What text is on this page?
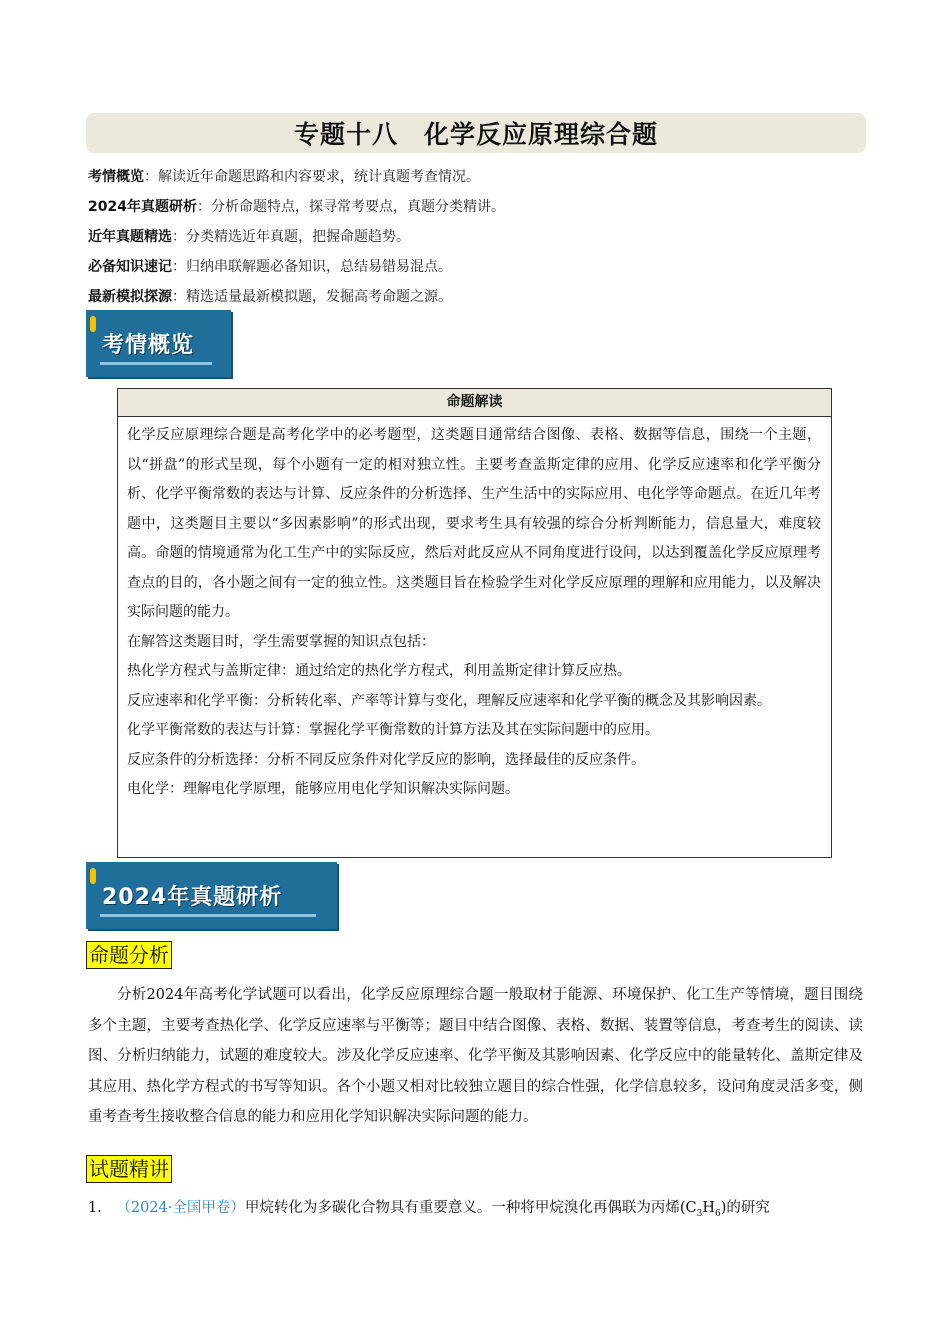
专题十八　化学反应原理综合题
考情概览：解读近年命题思路和内容要求，统计真题考查情况。
2024年真题研析：分析命题特点，探寻常考要点，真题分类精讲。
近年真题精选：分类精选近年真题，把握命题趋势。
必备知识速记：归纳串联解题必备知识，总结易错易混点。
最新模拟探源：精选适量最新模拟题，发掘高考命题之源。
考情概览
命题解读

化学反应原理综合题是高考化学中的必考题型，这类题目通常结合图像、表格、数据等信息，围绕一个主题，以“拼盘”的形式呈现，每个小题有一定的相对独立性。主要考查盖斯定律的应用、化学反应速率和化学平衡分析、化学平衡常数的表达与计算、反应条件的分析选择、生产生活中的实际应用、电化学等命题点。在近几年考题中，这类题目主要以“多因素影响”的形式出现，要求考生具有较强的综合分析判断能力，信息量大，难度较高。命题的情境通常为化工生产中的实际反应，然后对此反应从不同角度进行设问，以达到覆盖化学反应原理考查点的目的，各小题之间有一定的独立性。这类题目旨在检验学生对化学反应原理的理解和应用能力，以及解决实际问题的能力。

在解答这类题目时，学生需要掌握的知识点包括：

热化学方程式与盖斯定律：通过给定的热化学方程式，利用盖斯定律计算反应热。

反应速率和化学平衡：分析转化率、产率等计算与变化，理解反应速率和化学平衡的概念及其影响因素。

化学平衡常数的表达与计算：掌握化学平衡常数的计算方法及其在实际问题中的应用。

反应条件的分析选择：分析不同反应条件对化学反应的影响，选择最佳的反应条件。

电化学：理解电化学原理，能够应用电化学知识解决实际问题。

2024年真题研析
命题分析
分析2024年高考化学试题可以看出，化学反应原理综合题一般取材于能源、环境保护、化工生产等情境，题目围绕多个主题，主要考查热化学、化学反应速率与平衡等；题目中结合图像、表格、数据、装置等信息，考查考生的阅读、读图、分析归纳能力，试题的难度较大。涉及化学反应速率、化学平衡及其影响因素、化学反应中的能量转化、盖斯定律及其应用、热化学方程式的书写等知识。各个小题又相对比较独立题目的综合性强，化学信息较多，设问角度灵活多变，侧重考查考生接收整合信息的能力和应用化学知识解决实际问题的能力。
试题精讲
1． （2024·全国甲卷）甲烷转化为多碳化合物具有重要意义。一种将甲烷溴化再偶联为丙烯$(C_3H_6)$的研究
